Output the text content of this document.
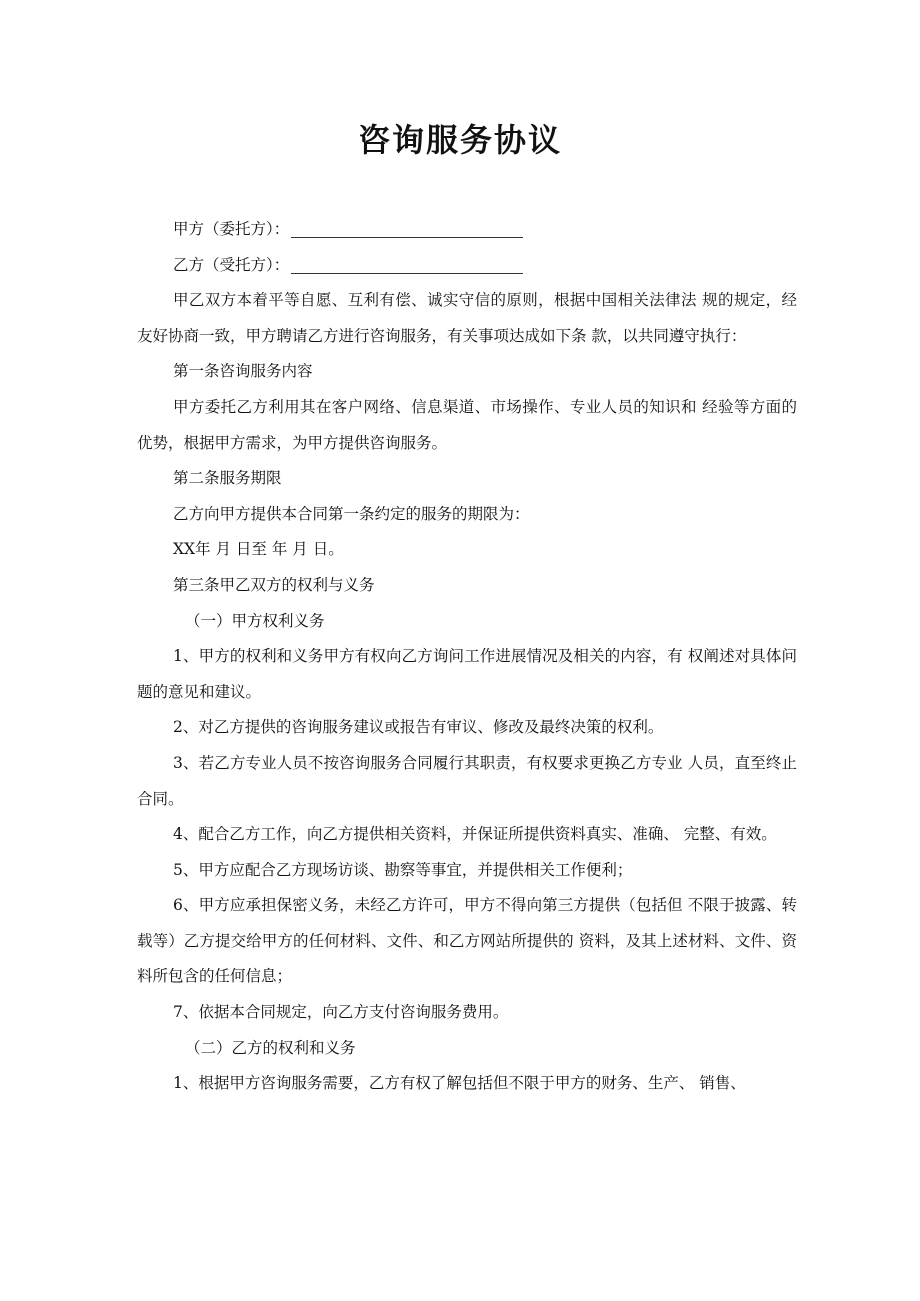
咨询服务协议

甲方（委托方）：

乙方（受托方）：

甲乙双方本着平等自愿、互利有偿、诚实守信的原则，根据中国相关法律法 规的规定，经友好协商一致，甲方聘请乙方进行咨询服务，有关事项达成如下条 款，以共同遵守执行：

第一条咨询服务内容

甲方委托乙方利用其在客户网络、信息渠道、市场操作、专业人员的知识和 经验等方面的优势，根据甲方需求，为甲方提供咨询服务。

第二条服务期限

乙方向甲方提供本合同第一条约定的服务的期限为：

XX年 月 日至 年 月 日。

第三条甲乙双方的权利与义务

（一）甲方权利义务

1、甲方的权利和义务甲方有权向乙方询问工作进展情况及相关的内容，有 权阐述对具体问题的意见和建议。

2、对乙方提供的咨询服务建议或报告有审议、修改及最终决策的权利。

3、若乙方专业人员不按咨询服务合同履行其职责，有权要求更换乙方专业 人员，直至终止合同。

4、配合乙方工作，向乙方提供相关资料，并保证所提供资料真实、准确、 完整、有效。

5、甲方应配合乙方现场访谈、勘察等事宜，并提供相关工作便利；

6、甲方应承担保密义务，未经乙方许可，甲方不得向第三方提供（包括但 不限于披露、转载等）乙方提交给甲方的任何材料、文件、和乙方网站所提供的 资料，及其上述材料、文件、资料所包含的任何信息；

7、依据本合同规定，向乙方支付咨询服务费用。

（二）乙方的权利和义务

1、根据甲方咨询服务需要，乙方有权了解包括但不限于甲方的财务、生产、 销售、
